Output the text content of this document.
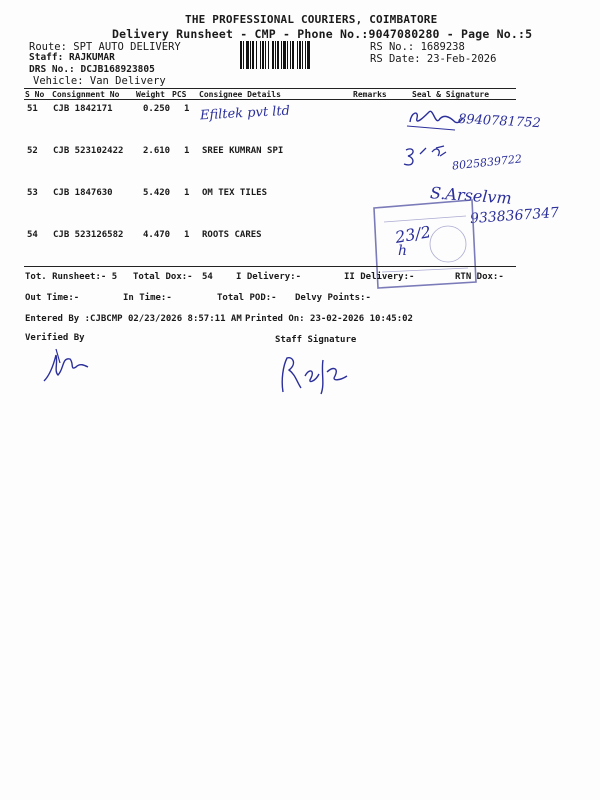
THE PROFESSIONAL COURIERS, COIMBATORE
Delivery Runsheet - CMP - Phone No.:9047080280 - Page No.:5
Route: SPT AUTO DELIVERY
Staff: RAJKUMAR
DRS No.: DCJB168923805
Vehicle: Van Delivery
RS No.: 1689238
RS Date: 23-Feb-2026
S No Consignment No Weight PCS Consignee Details	Remarks	Seal & Signature
51 CJB 1842171	0.250 1 Efiltek pvt ltd	8940781752
52 CJB 523102422 2.610 1 SREE KUMRAN SPI
8025839722
53 CJB 1847630	5.420 1 OM TEX TILES	S.Arselvm
9338367347
23/2
h
54 CJB 523126582 4.470 1 ROOTS CARES
Tot. Runsheet:- 5 Total Dox:- 54	I Delivery:-	II Delivery:-	RTN Dox:-
Out Time:-	In Time:-	Total POD:- Delvy Points:-
Entered By :CJBCMP 02/23/2026 8:57:11 AM Printed On: 23-02-2026 10:45:02
Verified By	Staff Signature
